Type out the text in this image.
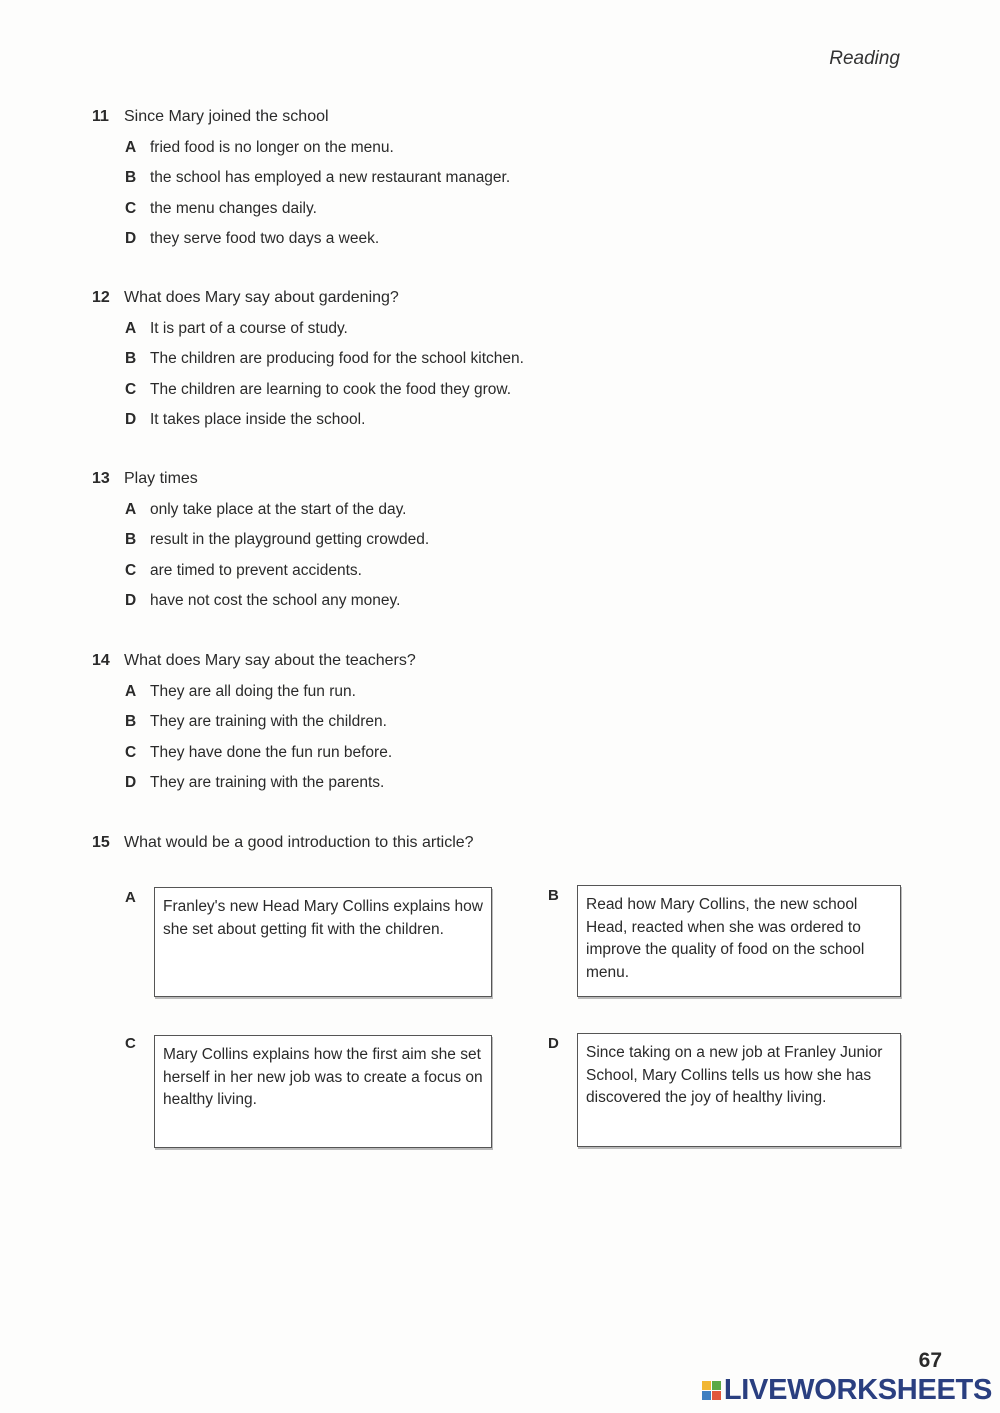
Reading
11 Since Mary joined the school
A fried food is no longer on the menu.
B the school has employed a new restaurant manager.
C the menu changes daily.
D they serve food two days a week.
12 What does Mary say about gardening?
A It is part of a course of study.
B The children are producing food for the school kitchen.
C The children are learning to cook the food they grow.
D It takes place inside the school.
13 Play times
A only take place at the start of the day.
B result in the playground getting crowded.
C are timed to prevent accidents.
D have not cost the school any money.
14 What does Mary say about the teachers?
A They are all doing the fun run.
B They are training with the children.
C They have done the fun run before.
D They are training with the parents.
15 What would be a good introduction to this article?
A
Franley's new Head Mary Collins explains how she set about getting fit with the children.
B
Read how Mary Collins, the new school Head, reacted when she was ordered to improve the quality of food on the school menu.
C
Mary Collins explains how the first aim she set herself in her new job was to create a focus on healthy living.
D
Since taking on a new job at Franley Junior School, Mary Collins tells us how she has discovered the joy of healthy living.
67
LIVEWORKSHEETS
